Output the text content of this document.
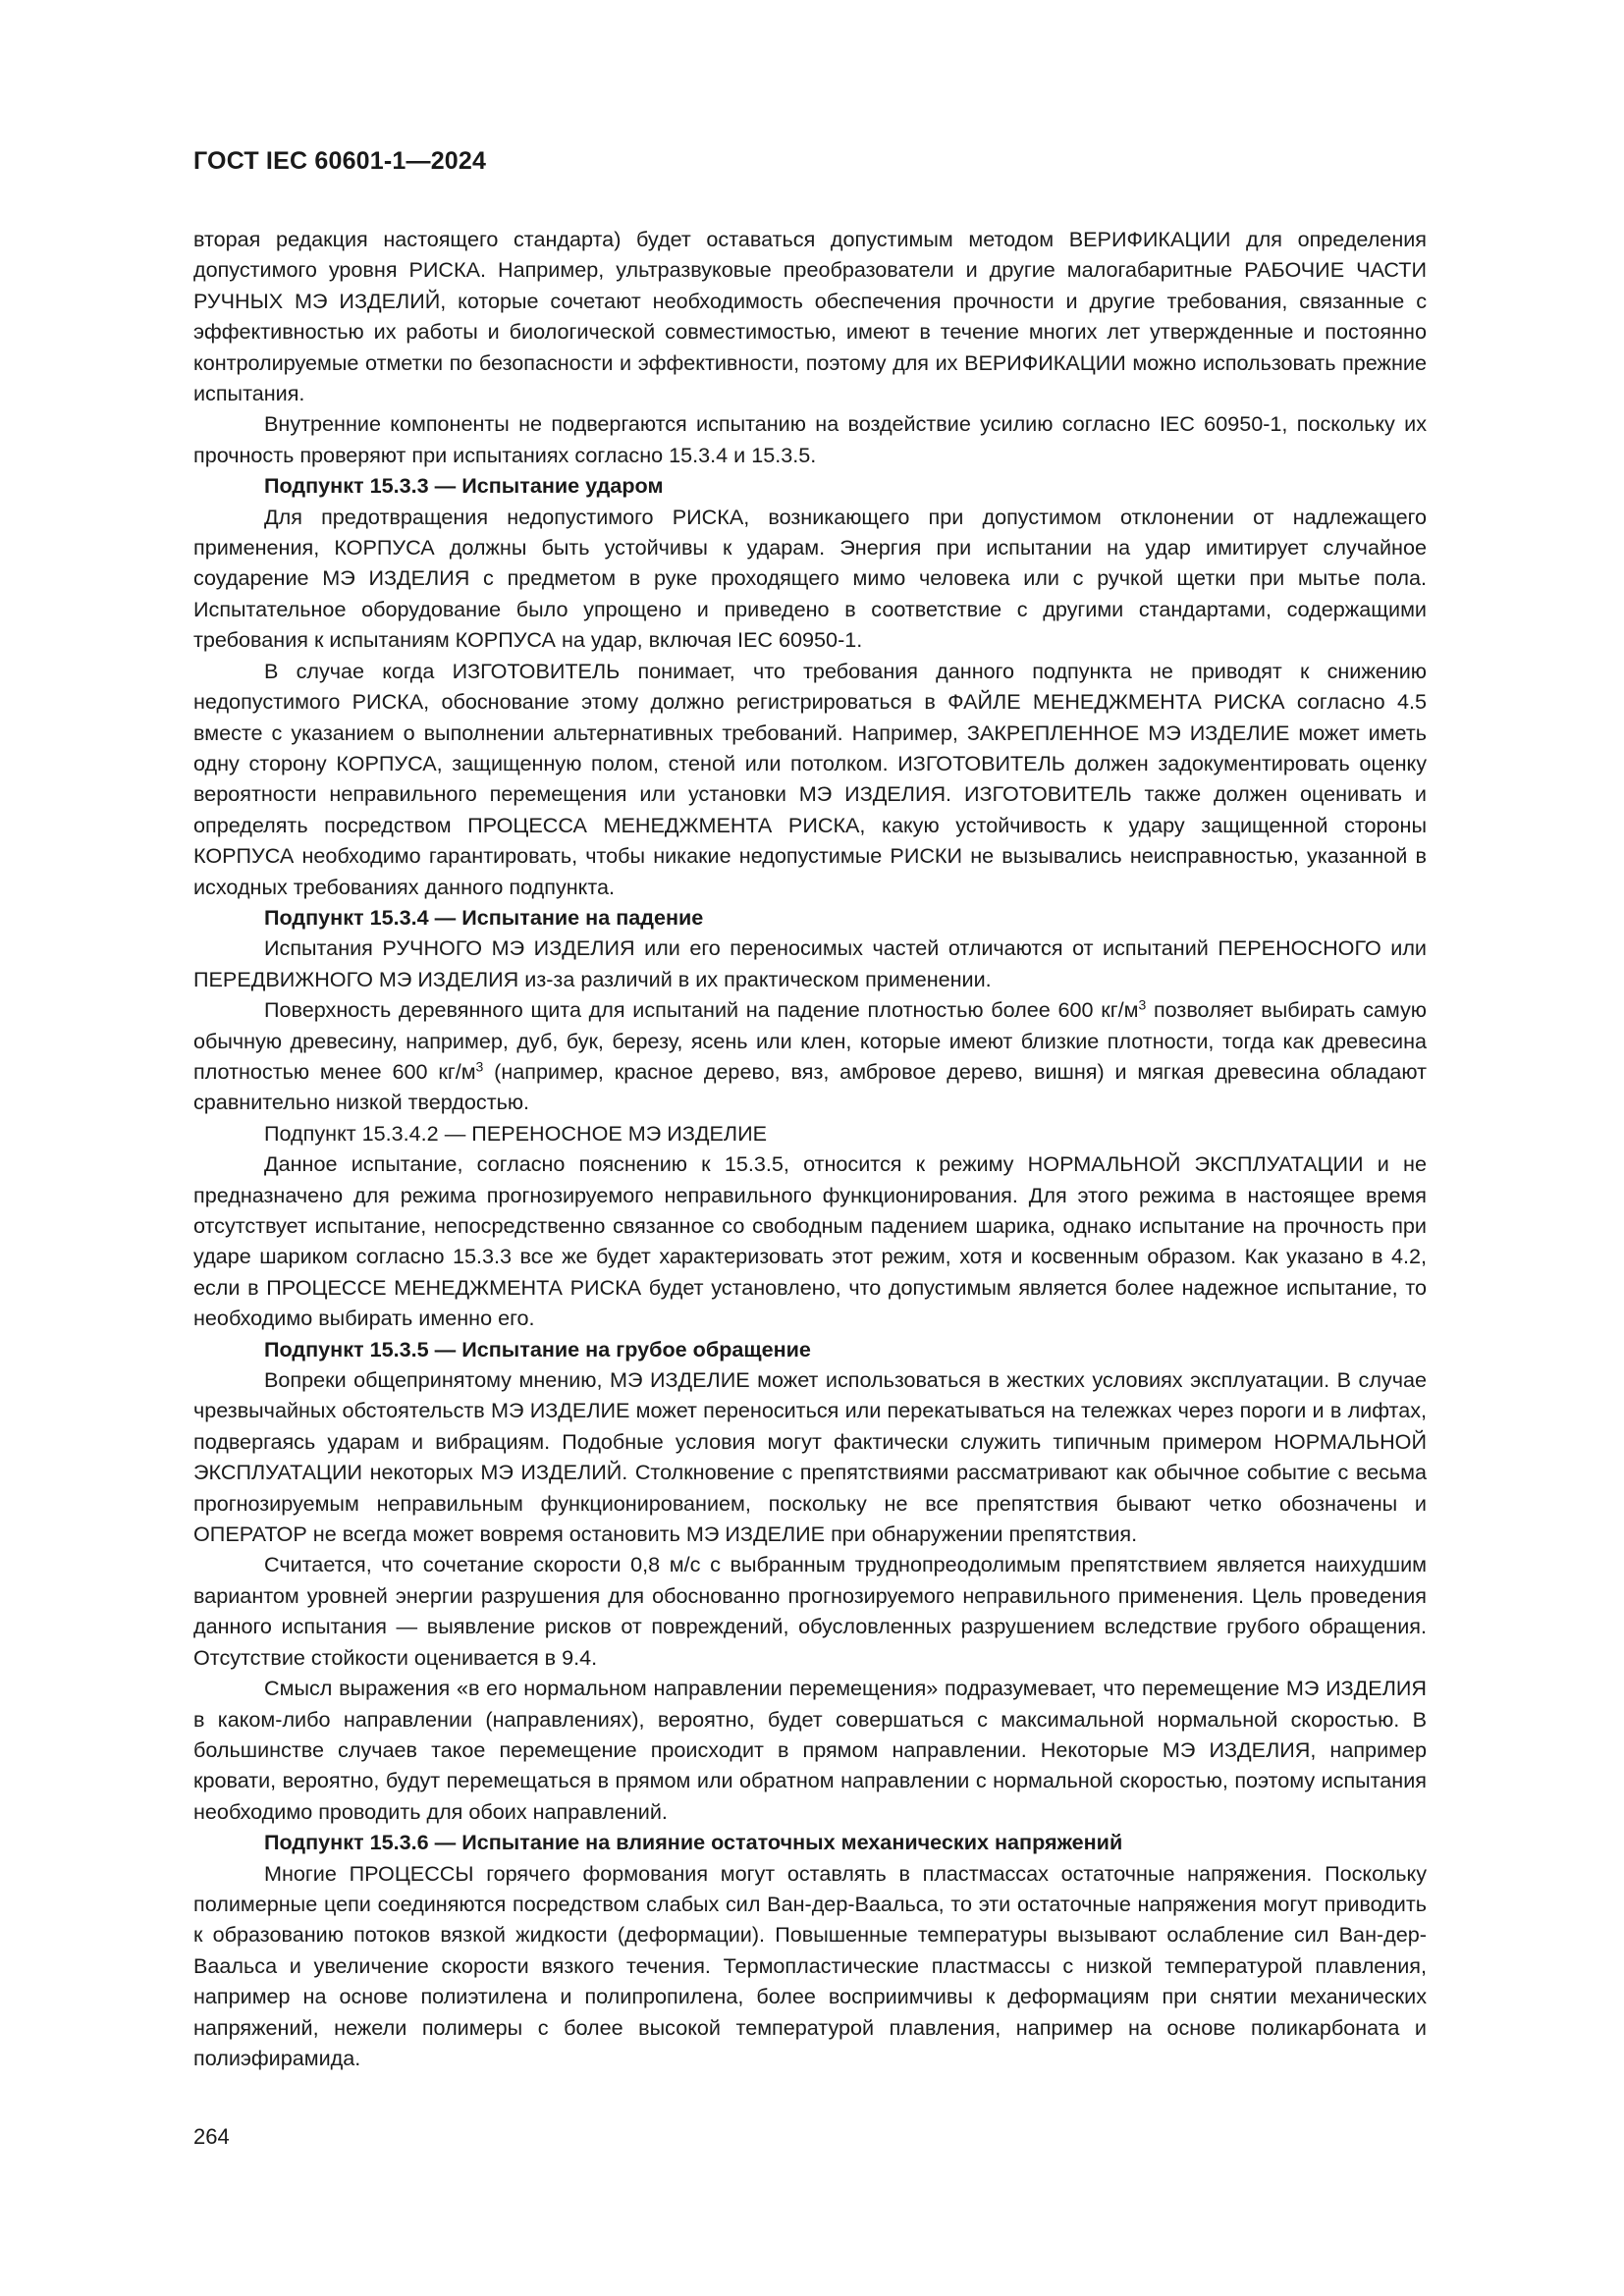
ГОСТ IEC 60601-1—2024

вторая редакция настоящего стандарта) будет оставаться допустимым методом ВЕРИФИКАЦИИ для определения допустимого уровня РИСКА. Например, ультразвуковые преобразователи и другие малогабаритные РАБОЧИЕ ЧАСТИ РУЧНЫХ МЭ ИЗДЕЛИЙ, которые сочетают необходимость обеспечения прочности и другие требования, связанные с эффективностью их работы и биологической совместимостью, имеют в течение многих лет утвержденные и постоянно контролируемые отметки по безопасности и эффективности, поэтому для их ВЕРИФИКАЦИИ можно использовать прежние испытания.

Внутренние компоненты не подвергаются испытанию на воздействие усилию согласно IEC 60950-1, поскольку их прочность проверяют при испытаниях согласно 15.3.4 и 15.3.5.

Подпункт 15.3.3 — Испытание ударом

Для предотвращения недопустимого РИСКА, возникающего при допустимом отклонении от надлежащего применения, КОРПУСА должны быть устойчивы к ударам. Энергия при испытании на удар имитирует случайное соударение МЭ ИЗДЕЛИЯ с предметом в руке проходящего мимо человека или с ручкой щетки при мытье пола. Испытательное оборудование было упрощено и приведено в соответствие с другими стандартами, содержащими требования к испытаниям КОРПУСА на удар, включая IEC 60950-1.

В случае когда ИЗГОТОВИТЕЛЬ понимает, что требования данного подпункта не приводят к снижению недопустимого РИСКА, обоснование этому должно регистрироваться в ФАЙЛЕ МЕНЕДЖМЕНТА РИСКА согласно 4.5 вместе с указанием о выполнении альтернативных требований. Например, ЗАКРЕПЛЕННОЕ МЭ ИЗДЕЛИЕ может иметь одну сторону КОРПУСА, защищенную полом, стеной или потолком. ИЗГОТОВИТЕЛЬ должен задокументировать оценку вероятности неправильного перемещения или установки МЭ ИЗДЕЛИЯ. ИЗГОТОВИТЕЛЬ также должен оценивать и определять посредством ПРОЦЕССА МЕНЕДЖМЕНТА РИСКА, какую устойчивость к удару защищенной стороны КОРПУСА необходимо гарантировать, чтобы никакие недопустимые РИСКИ не вызывались неисправностью, указанной в исходных требованиях данного подпункта.

Подпункт 15.3.4 — Испытание на падение

Испытания РУЧНОГО МЭ ИЗДЕЛИЯ или его переносимых частей отличаются от испытаний ПЕРЕНОСНОГО или ПЕРЕДВИЖНОГО МЭ ИЗДЕЛИЯ из-за различий в их практическом применении.

Поверхность деревянного щита для испытаний на падение плотностью более 600 $кг/м^3$ позволяет выбирать самую обычную древесину, например, дуб, бук, березу, ясень или клен, которые имеют близкие плотности, тогда как древесина плотностью менее 600 $кг/м^3$ (например, красное дерево, вяз, амбровое дерево, вишня) и мягкая древесина обладают сравнительно низкой твердостью.

Подпункт 15.3.4.2 — ПЕРЕНОСНОЕ МЭ ИЗДЕЛИЕ

Данное испытание, согласно пояснению к 15.3.5, относится к режиму НОРМАЛЬНОЙ ЭКСПЛУАТАЦИИ и не предназначено для режима прогнозируемого неправильного функционирования. Для этого режима в настоящее время отсутствует испытание, непосредственно связанное со свободным падением шарика, однако испытание на прочность при ударе шариком согласно 15.3.3 все же будет характеризовать этот режим, хотя и косвенным образом. Как указано в 4.2, если в ПРОЦЕССЕ МЕНЕДЖМЕНТА РИСКА будет установлено, что допустимым является более надежное испытание, то необходимо выбирать именно его.

Подпункт 15.3.5 — Испытание на грубое обращение

Вопреки общепринятому мнению, МЭ ИЗДЕЛИЕ может использоваться в жестких условиях эксплуатации. В случае чрезвычайных обстоятельств МЭ ИЗДЕЛИЕ может переноситься или перекатываться на тележках через пороги и в лифтах, подвергаясь ударам и вибрациям. Подобные условия могут фактически служить типичным примером НОРМАЛЬНОЙ ЭКСПЛУАТАЦИИ некоторых МЭ ИЗДЕЛИЙ. Столкновение с препятствиями рассматривают как обычное событие с весьма прогнозируемым неправильным функционированием, поскольку не все препятствия бывают четко обозначены и ОПЕРАТОР не всегда может вовремя остановить МЭ ИЗДЕЛИЕ при обнаружении препятствия.

Считается, что сочетание скорости 0,8 м/с с выбранным труднопреодолимым препятствием является наихудшим вариантом уровней энергии разрушения для обоснованно прогнозируемого неправильного применения. Цель проведения данного испытания — выявление рисков от повреждений, обусловленных разрушением вследствие грубого обращения. Отсутствие стойкости оценивается в 9.4.

Смысл выражения «в его нормальном направлении перемещения» подразумевает, что перемещение МЭ ИЗДЕЛИЯ в каком-либо направлении (направлениях), вероятно, будет совершаться с максимальной нормальной скоростью. В большинстве случаев такое перемещение происходит в прямом направлении. Некоторые МЭ ИЗДЕЛИЯ, например кровати, вероятно, будут перемещаться в прямом или обратном направлении с нормальной скоростью, поэтому испытания необходимо проводить для обоих направлений.

Подпункт 15.3.6 — Испытание на влияние остаточных механических напряжений

Многие ПРОЦЕССЫ горячего формования могут оставлять в пластмассах остаточные напряжения. Поскольку полимерные цепи соединяются посредством слабых сил Ван-дер-Ваальса, то эти остаточные напряжения могут приводить к образованию потоков вязкой жидкости (деформации). Повышенные температуры вызывают ослабление сил Ван-дер-Ваальса и увеличение скорости вязкого течения. Термопластические пластмассы с низкой температурой плавления, например на основе полиэтилена и полипропилена, более восприимчивы к деформациям при снятии механических напряжений, нежели полимеры с более высокой температурой плавления, например на основе поликарбоната и полиэфирамида.

264
